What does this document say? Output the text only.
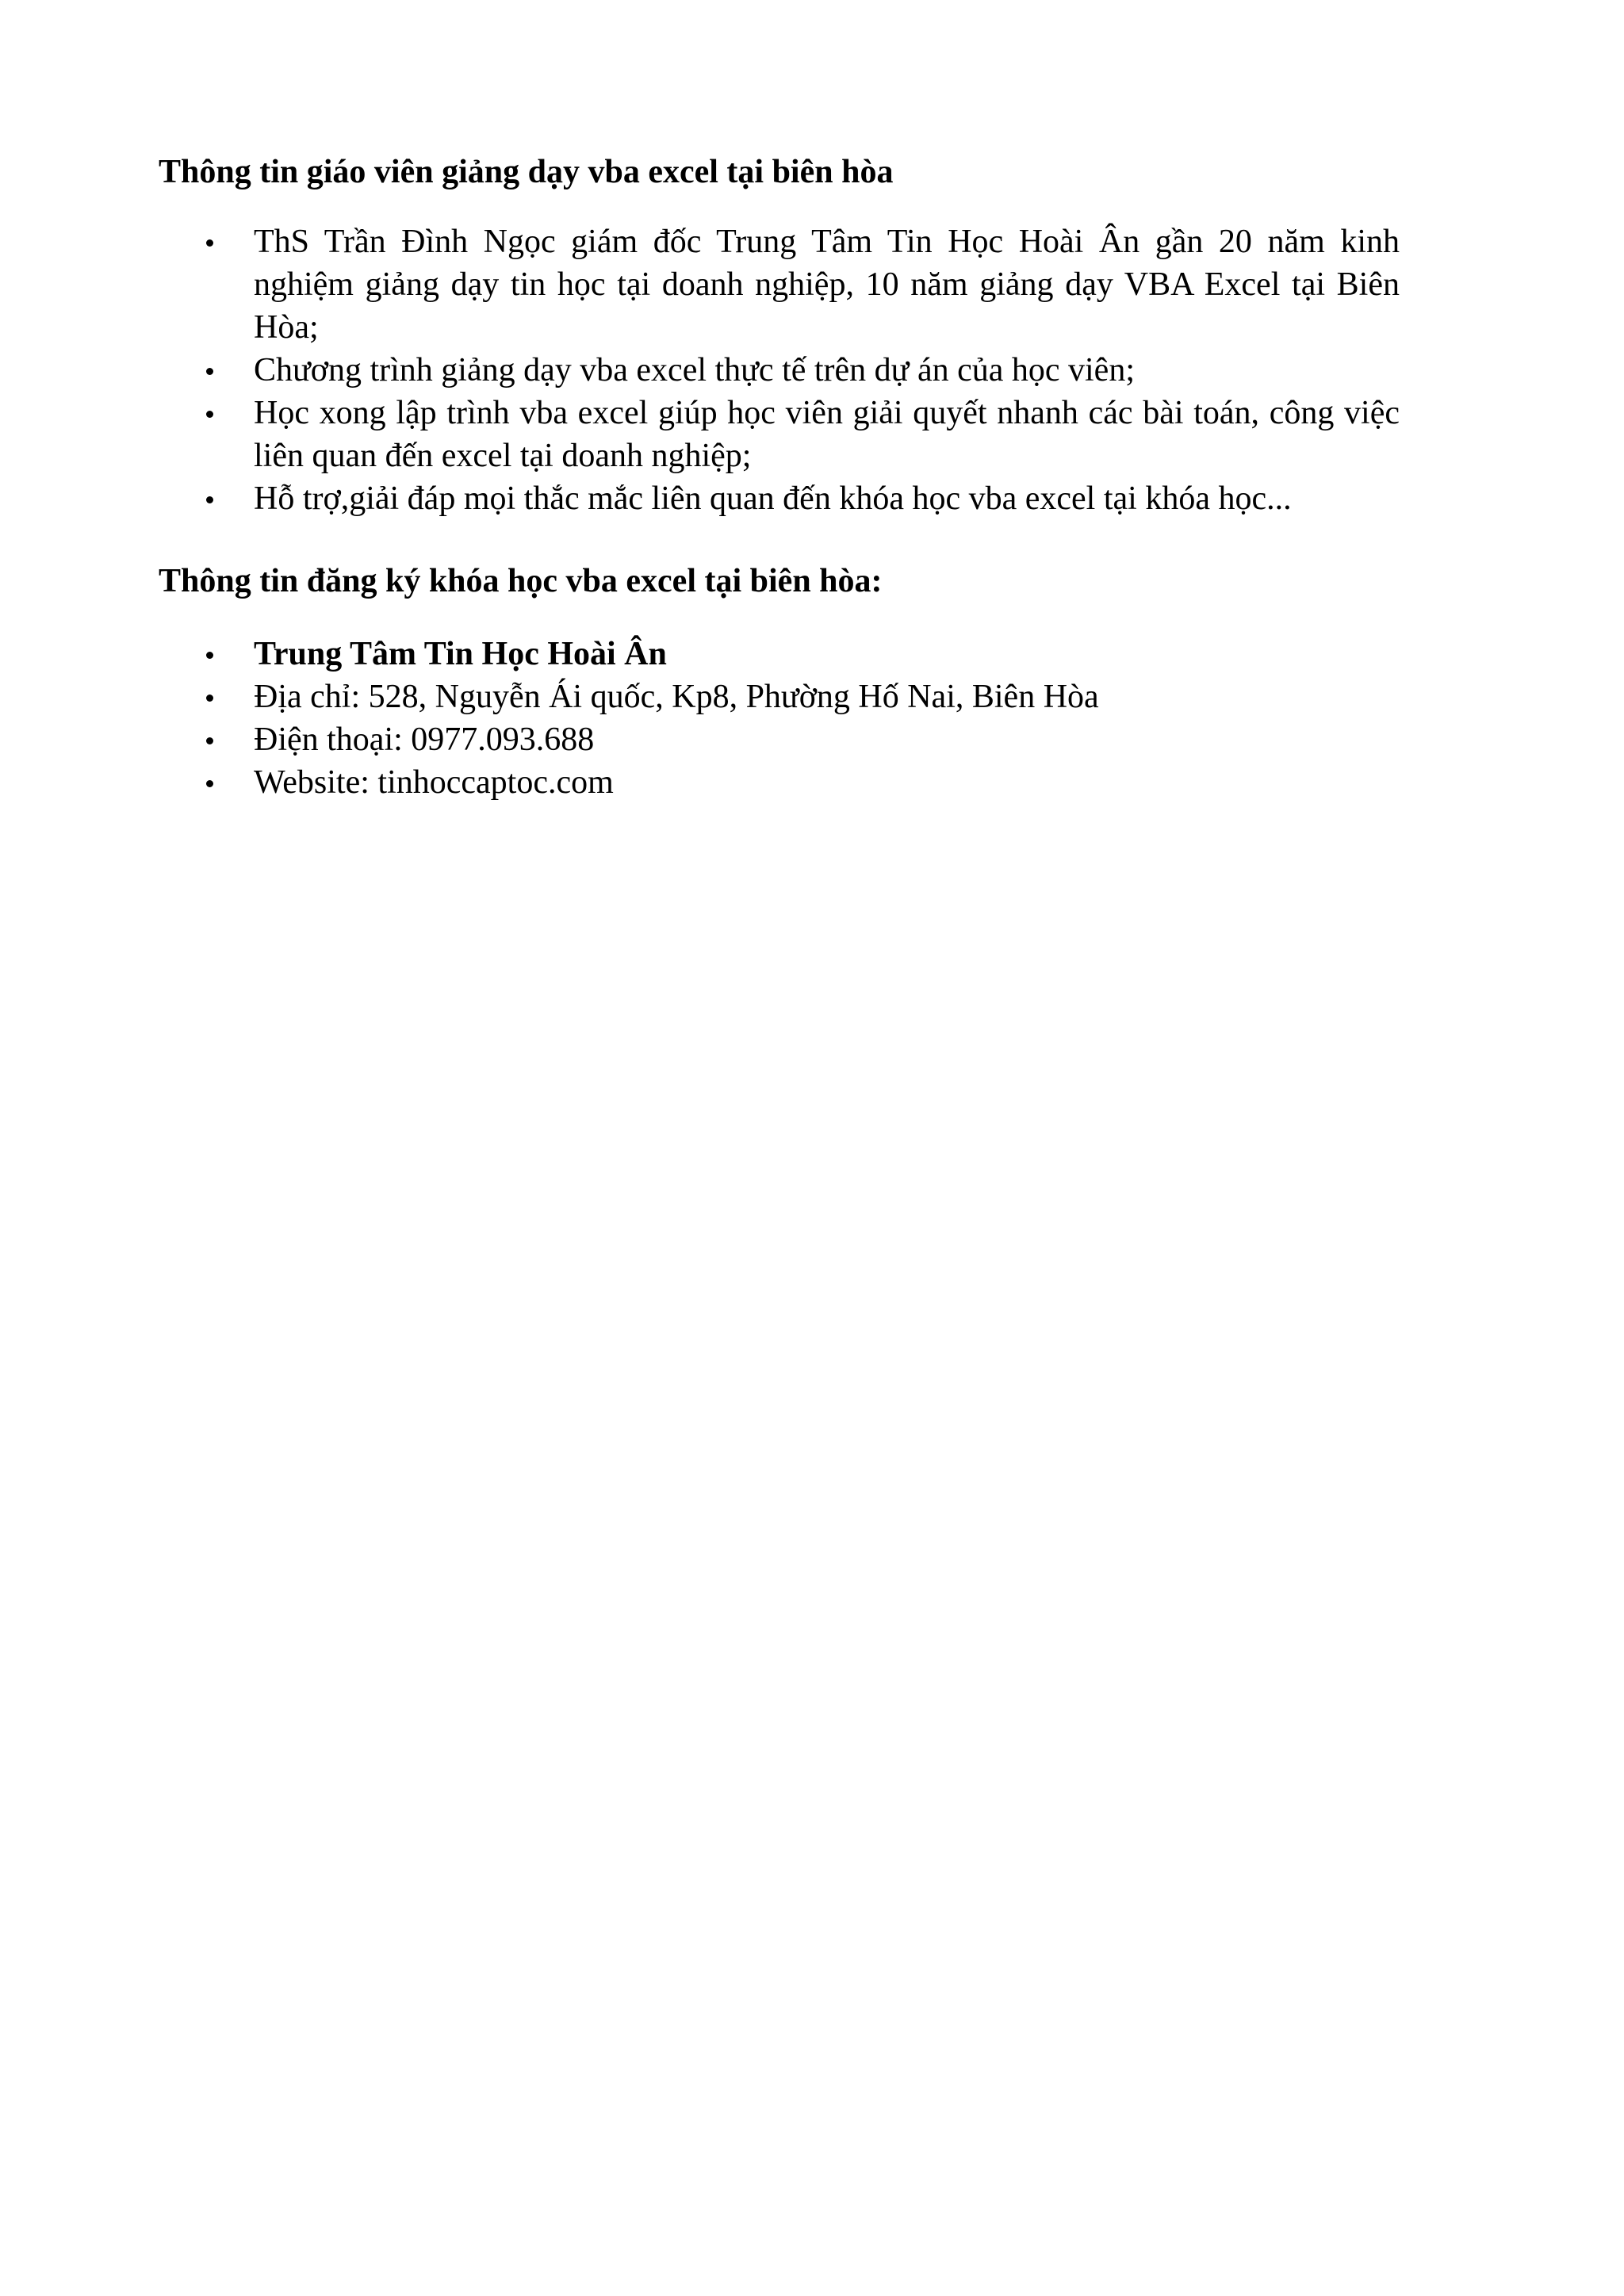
Thông tin giáo viên giảng dạy vba excel tại biên hòa
ThS Trần Đình Ngọc giám đốc Trung Tâm Tin Học Hoài Ân gần 20 năm kinh nghiệm giảng dạy tin học tại doanh nghiệp, 10 năm giảng dạy VBA Excel tại Biên Hòa;
Chương trình giảng dạy vba excel thực tế trên dự án của học viên;
Học xong lập trình vba excel giúp học viên giải quyết nhanh các bài toán, công việc liên quan đến excel tại doanh nghiệp;
Hỗ trợ,giải đáp mọi thắc mắc liên quan đến khóa học vba excel tại khóa học...
Thông tin đăng ký khóa học vba excel tại biên hòa:
Trung Tâm Tin Học Hoài Ân
Địa chỉ: 528, Nguyễn Ái quốc, Kp8, Phường Hố Nai, Biên Hòa
Điện thoại: 0977.093.688
Website: tinhoccaptoc.com
